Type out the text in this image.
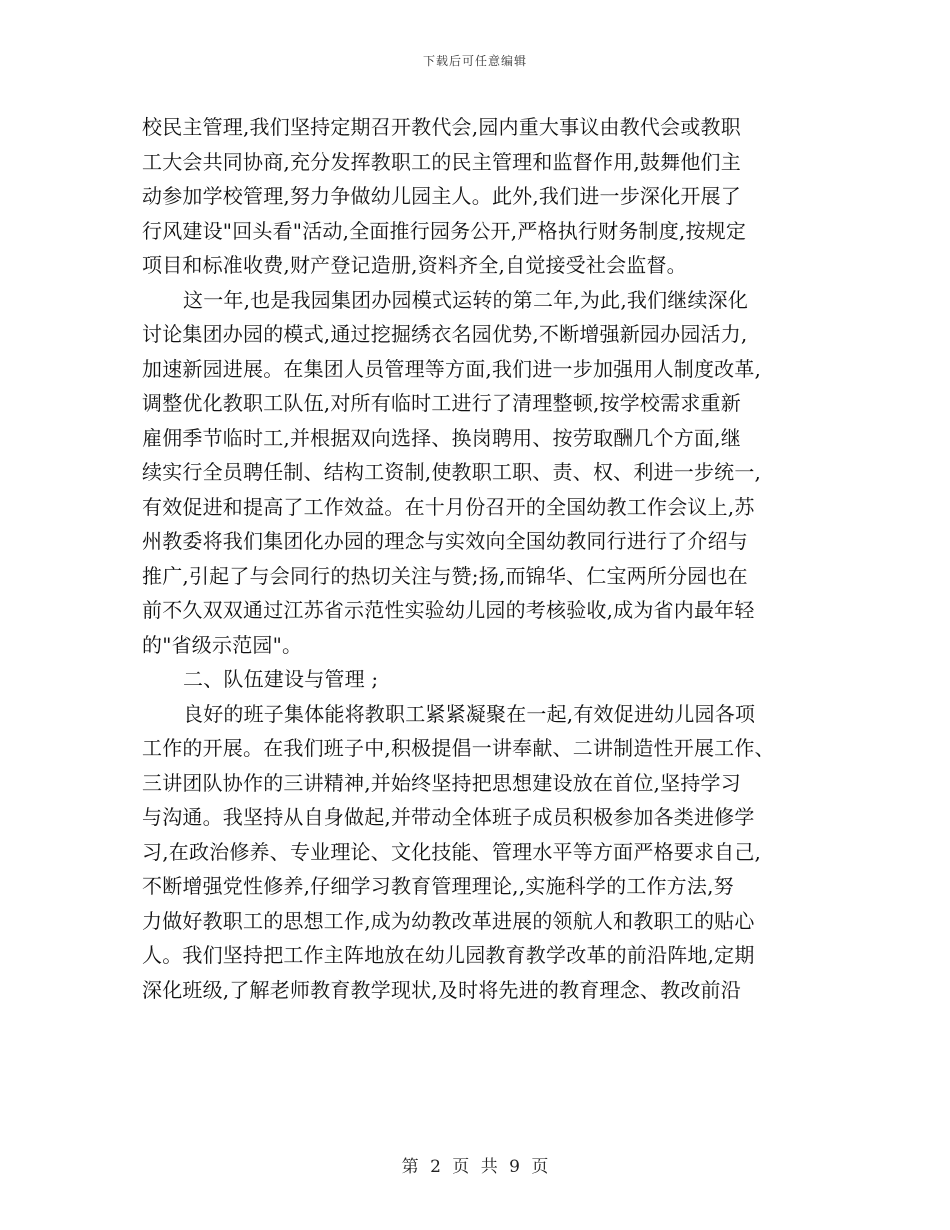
下载后可任意编辑
校民主管理,我们坚持定期召开教代会,园内重大事议由教代会或教职
工大会共同协商,充分发挥教职工的民主管理和监督作用,鼓舞他们主
动参加学校管理,努力争做幼儿园主人。此外,我们进一步深化开展了
行风建设"回头看"活动,全面推行园务公开,严格执行财务制度,按规定
项目和标准收费,财产登记造册,资料齐全,自觉接受社会监督。
这一年,也是我园集团办园模式运转的第二年,为此,我们继续深化
讨论集团办园的模式,通过挖掘绣衣名园优势,不断增强新园办园活力,
加速新园进展。在集团人员管理等方面,我们进一步加强用人制度改革,
调整优化教职工队伍,对所有临时工进行了清理整顿,按学校需求重新
雇佣季节临时工,并根据双向选择、换岗聘用、按劳取酬几个方面,继
续实行全员聘任制、结构工资制,使教职工职、责、权、利进一步统一,
有效促进和提高了工作效益。在十月份召开的全国幼教工作会议上,苏
州教委将我们集团化办园的理念与实效向全国幼教同行进行了介绍与
推广,引起了与会同行的热切关注与赞;扬,而锦华、仁宝两所分园也在
前不久双双通过江苏省示范性实验幼儿园的考核验收,成为省内最年轻
的"省级示范园"。
二、队伍建设与管理 ;
良好的班子集体能将教职工紧紧凝聚在一起,有效促进幼儿园各项
工作的开展。在我们班子中,积极提倡一讲奉献、二讲制造性开展工作、
三讲团队协作的三讲精神,并始终坚持把思想建设放在首位,坚持学习
与沟通。我坚持从自身做起,并带动全体班子成员积极参加各类进修学
习,在政治修养、专业理论、文化技能、管理水平等方面严格要求自己,
不断增强党性修养,仔细学习教育管理理论,,实施科学的工作方法,努
力做好教职工的思想工作,成为幼教改革进展的领航人和教职工的贴心
人。我们坚持把工作主阵地放在幼儿园教育教学改革的前沿阵地,定期
深化班级,了解老师教育教学现状,及时将先进的教育理念、教改前沿
第 2 页 共 9 页
